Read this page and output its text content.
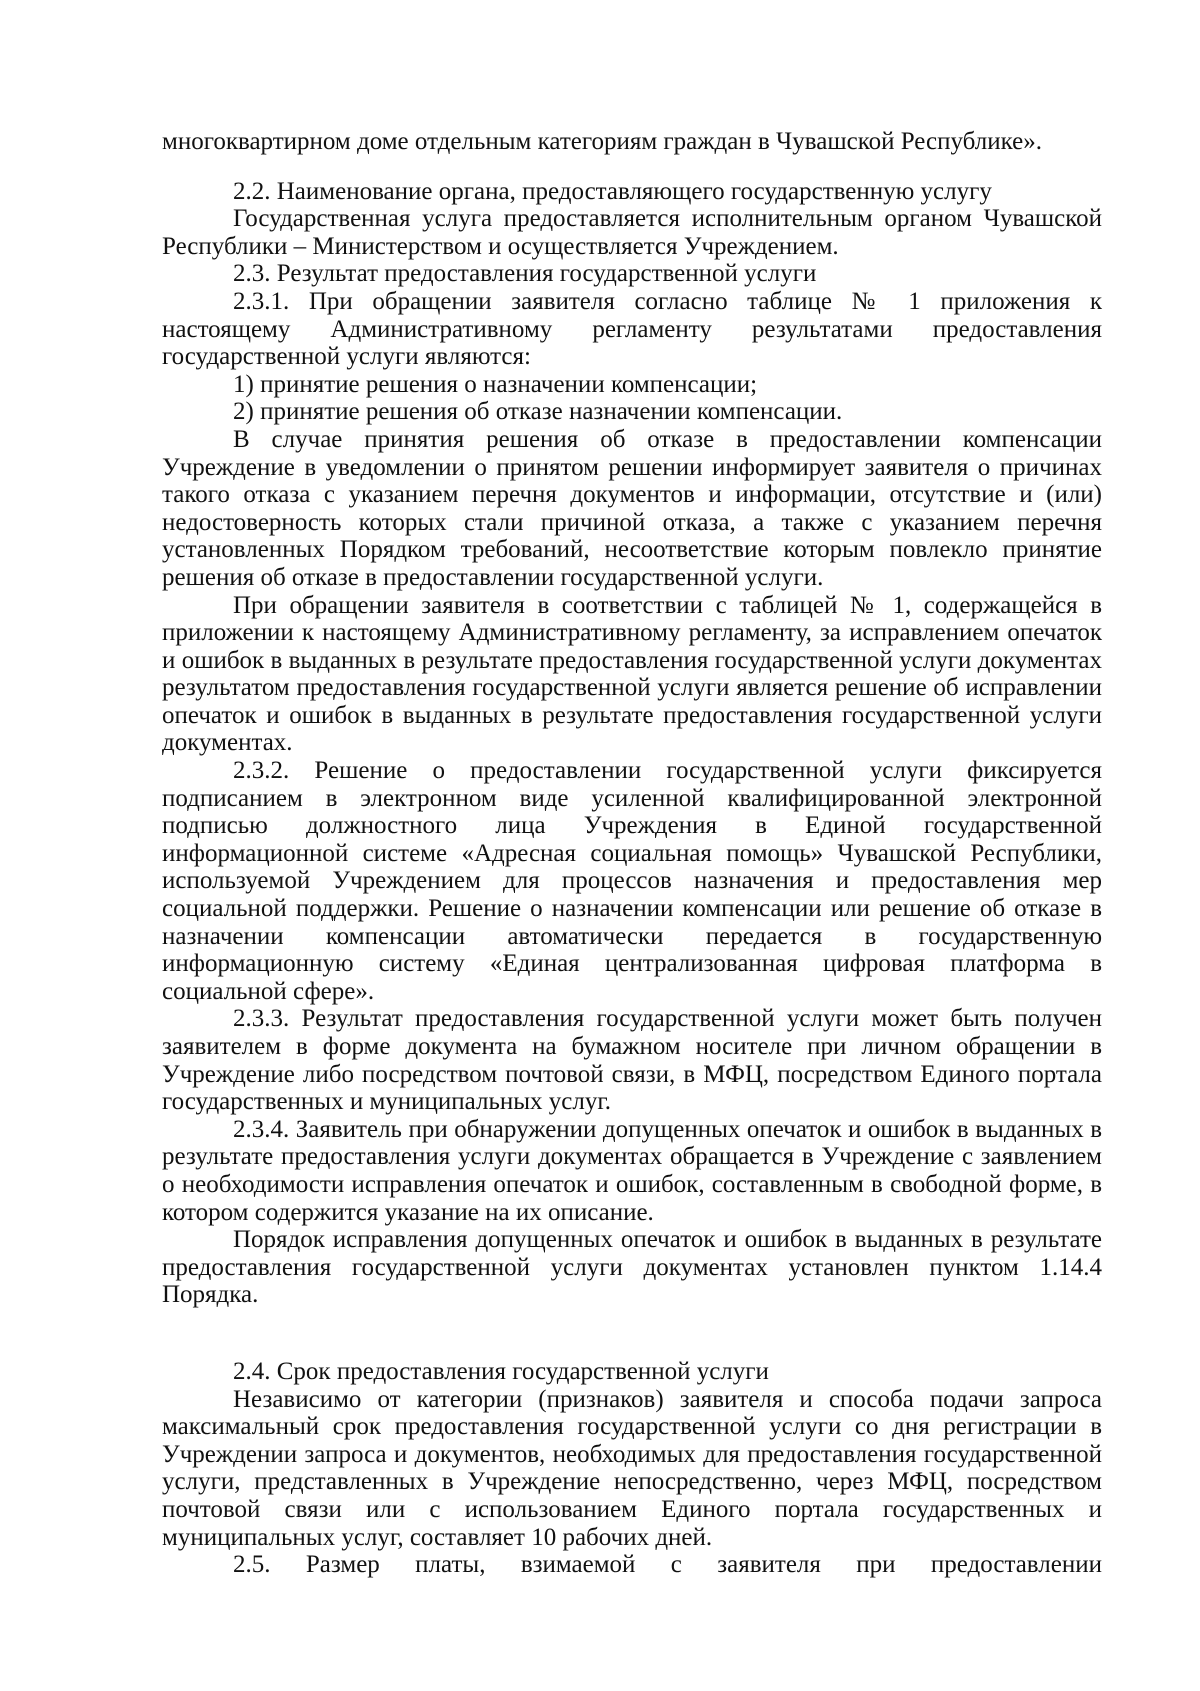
многоквартирном доме отдельным категориям граждан в Чувашской Республике».

2.2. Наименование органа, предоставляющего государственную услугу

Государственная услуга предоставляется исполнительным органом Чувашской Республики – Министерством и осуществляется Учреждением.

2.3. Результат предоставления государственной услуги

2.3.1. При обращении заявителя согласно таблице № 1 приложения к настоящему Административному регламенту результатами предоставления государственной услуги являются:

1) принятие решения о назначении компенсации;

2) принятие решения об отказе назначении компенсации.

В случае принятия решения об отказе в предоставлении компенсации Учреждение в уведомлении о принятом решении информирует заявителя о причинах такого отказа с указанием перечня документов и информации, отсутствие и (или) недостоверность которых стали причиной отказа, а также с указанием перечня установленных Порядком требований, несоответствие которым повлекло принятие решения об отказе в предоставлении государственной услуги.

При обращении заявителя в соответствии с таблицей № 1, содержащейся в приложении к настоящему Административному регламенту, за исправлением опечаток и ошибок в выданных в результате предоставления государственной услуги документах результатом предоставления государственной услуги является решение об исправлении опечаток и ошибок в выданных в результате предоставления государственной услуги документах.

2.3.2. Решение о предоставлении государственной услуги фиксируется подписанием в электронном виде усиленной квалифицированной электронной подписью должностного лица Учреждения в Единой государственной информационной системе «Адресная социальная помощь» Чувашской Республики, используемой Учреждением для процессов назначения и предоставления мер социальной поддержки. Решение о назначении компенсации или решение об отказе в назначении компенсации автоматически передается в государственную информационную систему «Единая централизованная цифровая платформа в социальной сфере».

2.3.3. Результат предоставления государственной услуги может быть получен заявителем в форме документа на бумажном носителе при личном обращении в Учреждение либо посредством почтовой связи, в МФЦ, посредством Единого портала государственных и муниципальных услуг.

2.3.4. Заявитель при обнаружении допущенных опечаток и ошибок в выданных в результате предоставления услуги документах обращается в Учреждение с заявлением о необходимости исправления опечаток и ошибок, составленным в свободной форме, в котором содержится указание на их описание.

Порядок исправления допущенных опечаток и ошибок в выданных в результате предоставления государственной услуги документах установлен пунктом 1.14.4 Порядка.

2.4. Срок предоставления государственной услуги

Независимо от категории (признаков) заявителя и способа подачи запроса максимальный срок предоставления государственной услуги со дня регистрации в Учреждении запроса и документов, необходимых для предоставления государственной услуги, представленных в Учреждение непосредственно, через МФЦ, посредством почтовой связи или с использованием Единого портала государственных и муниципальных услуг, составляет 10 рабочих дней.

2.5. Размер платы, взимаемой с заявителя при предоставлении
